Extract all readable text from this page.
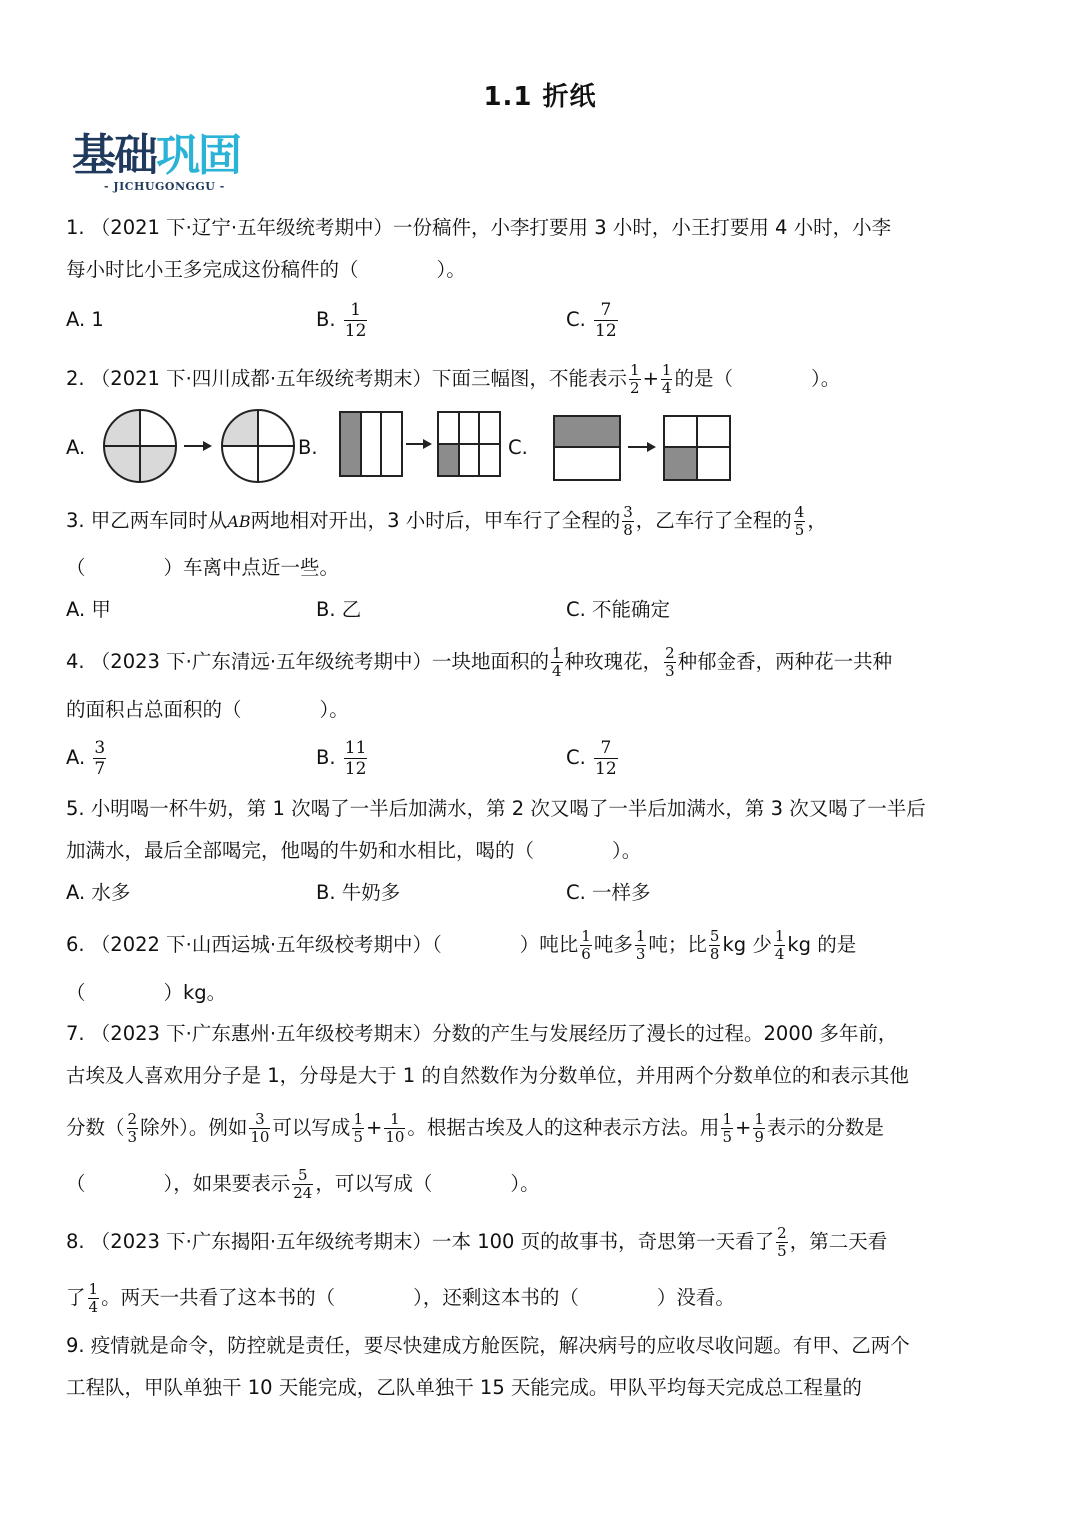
1.1 折纸
基础巩固
- JICHUGONGGU -
1. （2021 下·辽宁·五年级统考期中）一份稿件，小李打要用 3 小时，小王打要用 4 小时，小李
每小时比小王多完成这份稿件的（　　　　）。
A. 1	B. $\frac{1}{12}$	C. $\frac{7}{12}$
2. （2021 下·四川成都·五年级统考期末）下面三幅图，不能表示 $\frac{1}{2} + \frac{1}{4}$ 的是（　　　　）。
A.	B.	C.
3. 甲乙两车同时从AB两地相对开出，3 小时后，甲车行了全程的 $\frac{3}{8}$ ，乙车行了全程的 $\frac{4}{5}$ ，
（　　　　）车离中点近一些。
A. 甲	B. 乙	C. 不能确定
4. （2023 下·广东清远·五年级统考期中）一块地面积的 $\frac{1}{4}$ 种玫瑰花， $\frac{2}{3}$ 种郁金香，两种花一共种
的面积占总面积的（　　　　）。
A. $\frac{3}{7}$	B. $\frac{11}{12}$	C. $\frac{7}{12}$
5. 小明喝一杯牛奶，第 1 次喝了一半后加满水，第 2 次又喝了一半后加满水，第 3 次又喝了一半后
加满水，最后全部喝完，他喝的牛奶和水相比，喝的（　　　　）。
A. 水多	B. 牛奶多	C. 一样多
6. （2022 下·山西运城·五年级校考期中）（　　　　）吨比 $\frac{1}{6}$ 吨多 $\frac{1}{3}$ 吨；比 $\frac{5}{8}$ kg 少 $\frac{1}{4}$ kg 的是
（　　　　）kg。
7. （2023 下·广东惠州·五年级校考期末）分数的产生与发展经历了漫长的过程。2000 多年前，
古埃及人喜欢用分子是 1，分母是大于 1 的自然数作为分数单位，并用两个分数单位的和表示其他
分数（ $\frac{2}{3}$ 除外）。例如 $\frac{3}{10}$ 可以写成 $\frac{1}{5} + \frac{1}{10}$ 。根据古埃及人的这种表示方法。用 $\frac{1}{5} + \frac{1}{9}$ 表示的分数是
（　　　　），如果要表示 $\frac{5}{24}$ ，可以写成（　　　　）。
8. （2023 下·广东揭阳·五年级统考期末）一本 100 页的故事书，奇思第一天看了 $\frac{2}{5}$ ，第二天看
了 $\frac{1}{4}$ 。两天一共看了这本书的（　　　　），还剩这本书的（　　　　）没看。
9. 疫情就是命令，防控就是责任，要尽快建成方舱医院，解决病号的应收尽收问题。有甲、乙两个
工程队，甲队单独干 10 天能完成，乙队单独干 15 天能完成。甲队平均每天完成总工程量的
